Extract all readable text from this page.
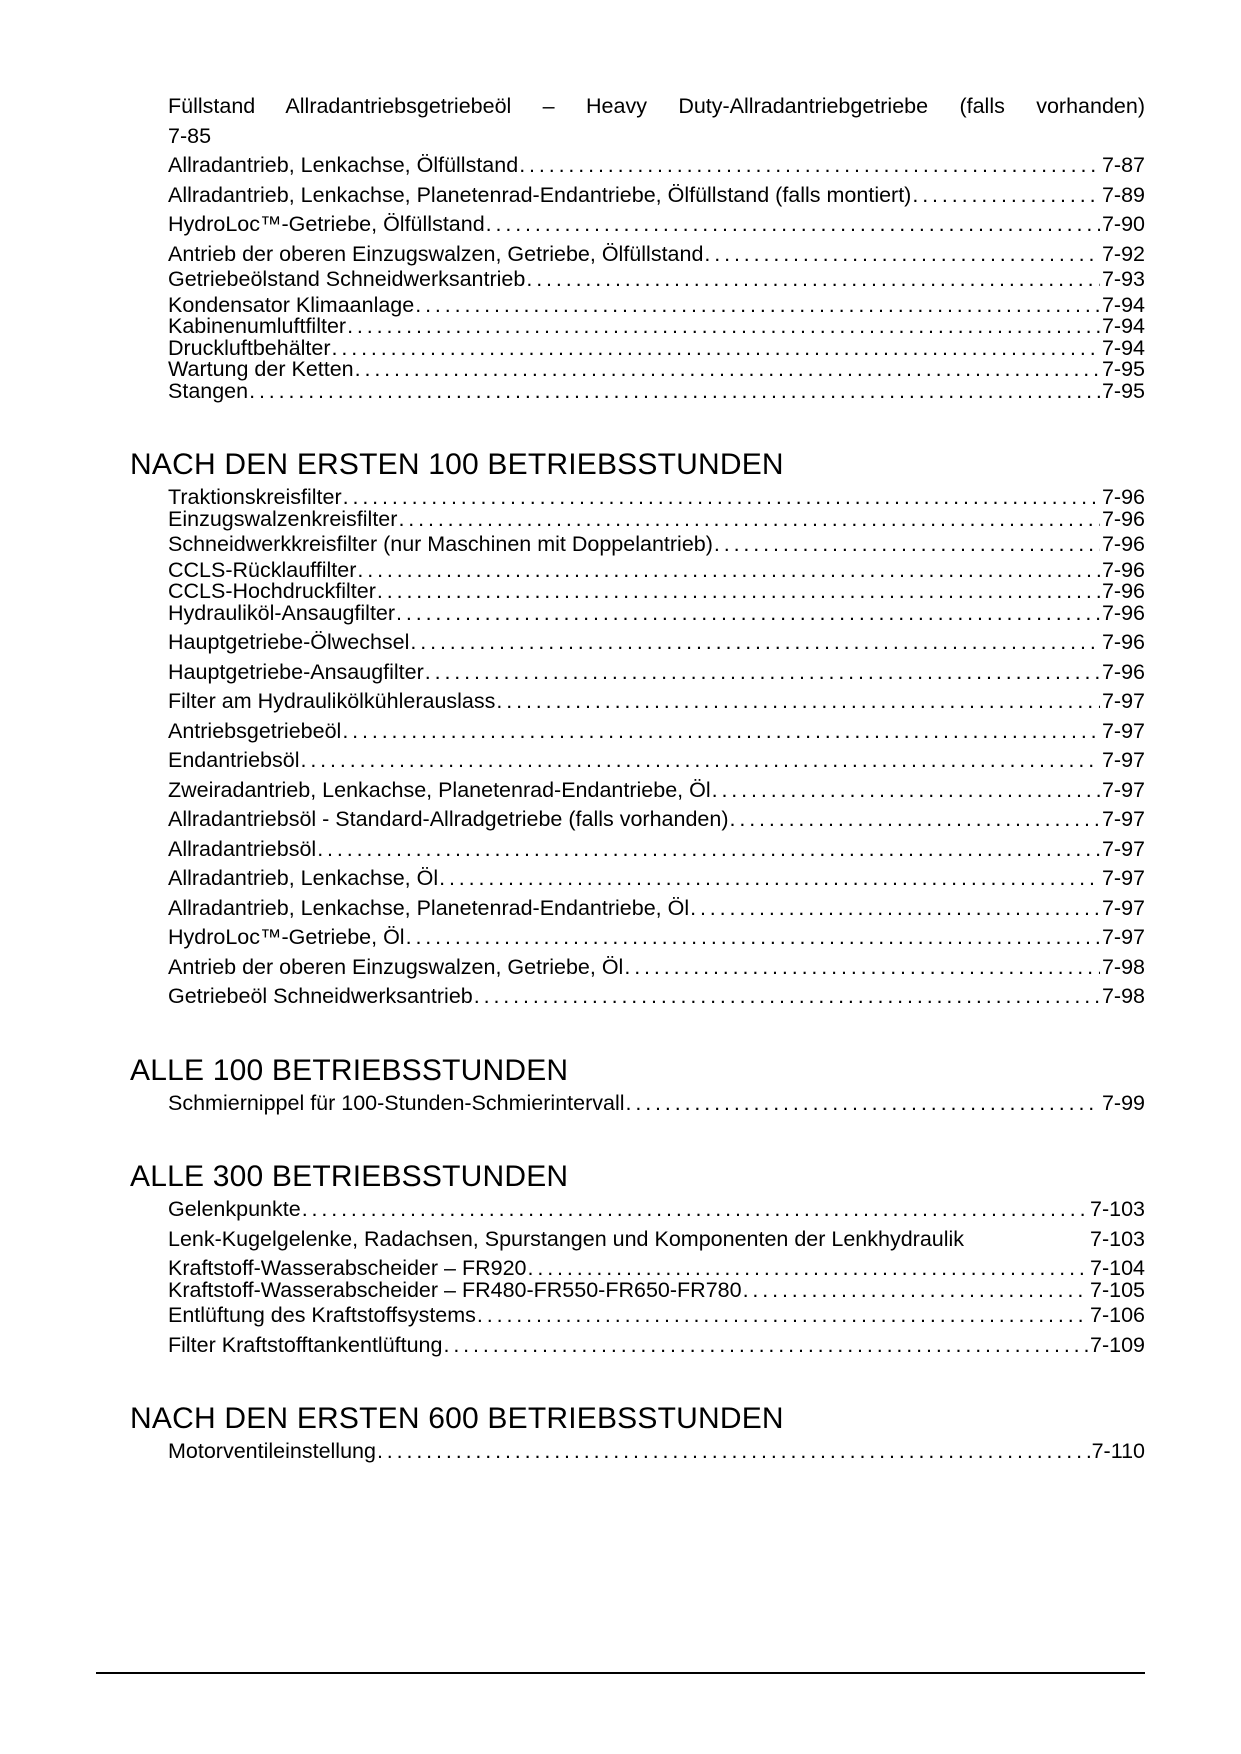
Füllstand Allradantriebsgetriebeöl – Heavy Duty-Allradantriebgetriebe (falls vorhanden)
7-85
Allradantrieb, Lenkachse, Ölfüllstand . . .	7-87
Allradantrieb, Lenkachse, Planetenrad-Endantriebe, Ölfüllstand (falls montiert) . . .	7-89
HydroLoc™-Getriebe, Ölfüllstand . . .	7-90
Antrieb der oberen Einzugswalzen, Getriebe, Ölfüllstand . . .	7-92
Getriebeölstand Schneidwerksantrieb . . .	7-93
Kondensator Klimaanlage . . .	7-94
Kabinenumluftfilter . . .	7-94
Druckluftbehälter . . .	7-94
Wartung der Ketten . . .	7-95
Stangen . . .	7-95
NACH DEN ERSTEN 100 BETRIEBSSTUNDEN
Traktionskreisfilter . . .	7-96
Einzugswalzenkreisfilter . . .	7-96
Schneidwerkkreisfilter (nur Maschinen mit Doppelantrieb) . . .	7-96
CCLS-Rücklauffilter . . .	7-96
CCLS-Hochdruckfilter . . .	7-96
Hydrauliköl-Ansaugfilter . . .	7-96
Hauptgetriebe-Ölwechsel . . .	7-96
Hauptgetriebe-Ansaugfilter . . .	7-96
Filter am Hydraulikölkühlerauslass . . .	7-97
Antriebsgetriebeöl . . .	7-97
Endantriebsöl . . .	7-97
Zweiradantrieb, Lenkachse, Planetenrad-Endantriebe, Öl . . .	7-97
Allradantriebsöl - Standard-Allradgetriebe (falls vorhanden) . . .	7-97
Allradantriebsöl . . .	7-97
Allradantrieb, Lenkachse, Öl . . .	7-97
Allradantrieb, Lenkachse, Planetenrad-Endantriebe, Öl . . .	7-97
HydroLoc™-Getriebe, Öl . . .	7-97
Antrieb der oberen Einzugswalzen, Getriebe, Öl . . .	7-98
Getriebeöl Schneidwerksantrieb . . .	7-98
ALLE 100 BETRIEBSSTUNDEN
Schmiernippel für 100-Stunden-Schmierintervall . . .	7-99
ALLE 300 BETRIEBSSTUNDEN
Gelenkpunkte . . .	7-103
Lenk-Kugelgelenke, Radachsen, Spurstangen und Komponenten der Lenkhydraulik	7-103
Kraftstoff-Wasserabscheider – FR920 . . .	7-104
Kraftstoff-Wasserabscheider – FR480-FR550-FR650-FR780 . . .	7-105
Entlüftung des Kraftstoffsystems . . .	7-106
Filter Kraftstofftankentlüftung . . .	7-109
NACH DEN ERSTEN 600 BETRIEBSSTUNDEN
Motorventileinstellung . . .	7-110
